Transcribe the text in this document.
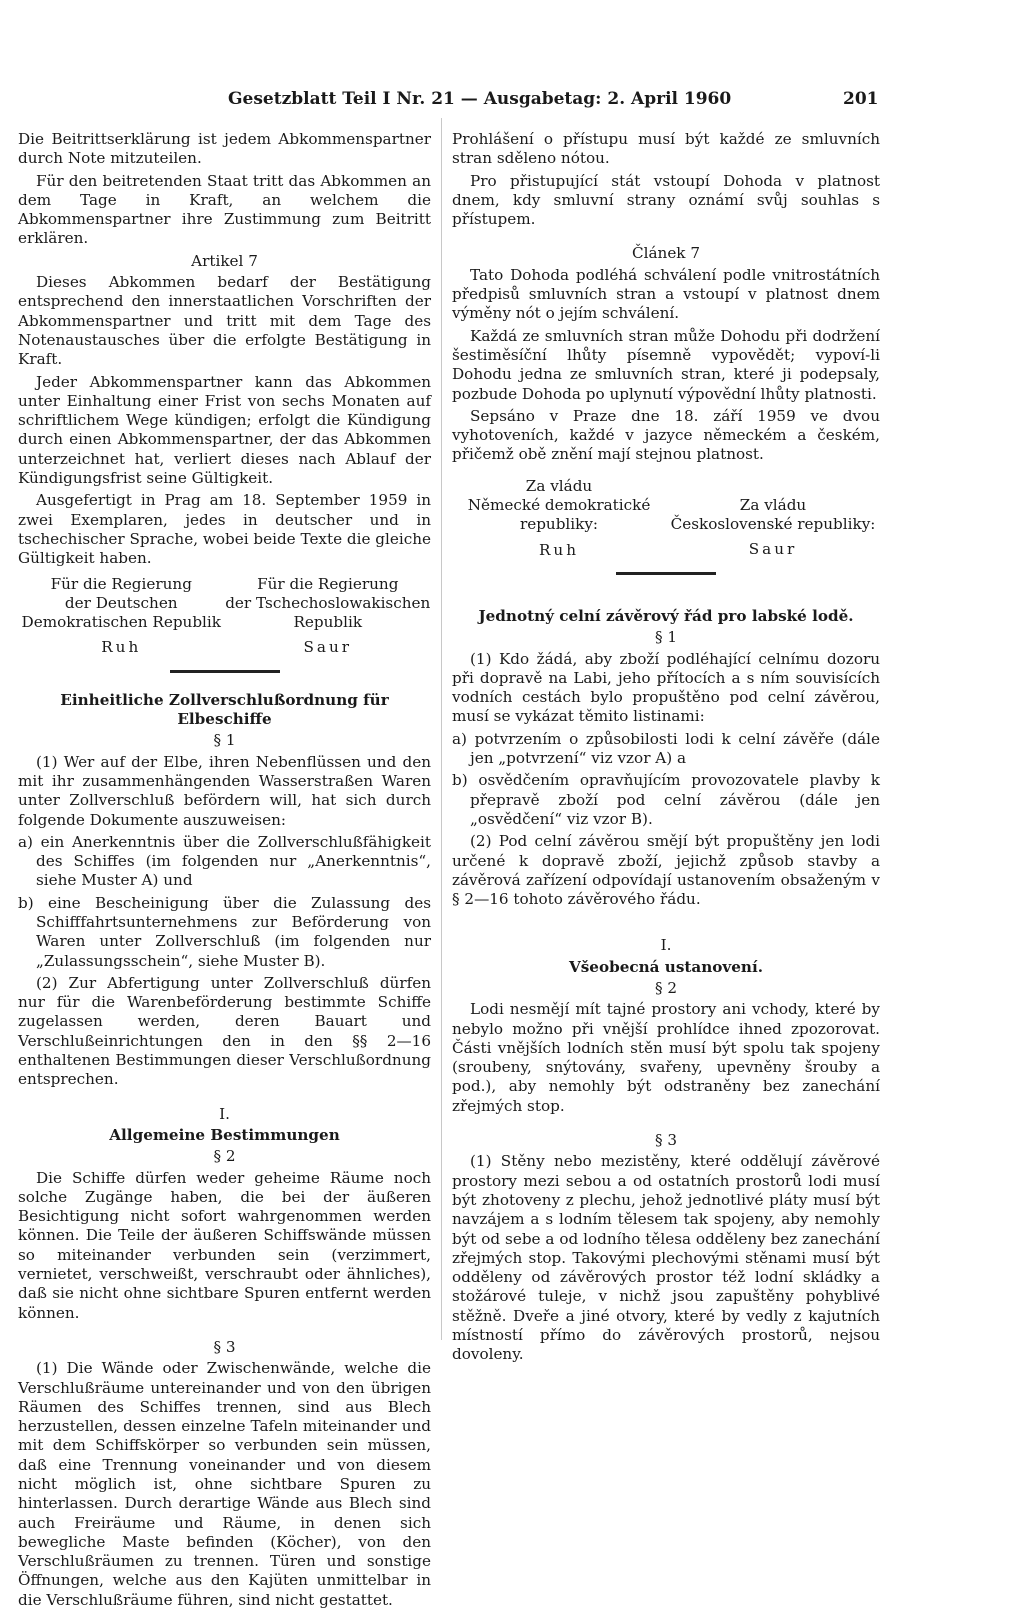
Gesetzblatt Teil I Nr. 21 — Ausgabetag: 2. April 1960	201

Die Beitrittserklärung ist jedem Abkommenspartner durch Note mitzuteilen.

Für den beitretenden Staat tritt das Abkommen an dem Tage in Kraft, an welchem die Abkommenspartner ihre Zustimmung zum Beitritt erklären.

Artikel 7

Dieses Abkommen bedarf der Bestätigung entsprechend den innerstaatlichen Vorschriften der Abkommenspartner und tritt mit dem Tage des Notenaustausches über die erfolgte Bestätigung in Kraft.

Jeder Abkommenspartner kann das Abkommen unter Einhaltung einer Frist von sechs Monaten auf schriftlichem Wege kündigen; erfolgt die Kündigung durch einen Abkommenspartner, der das Abkommen unterzeichnet hat, verliert dieses nach Ablauf der Kündigungsfrist seine Gültigkeit.

Ausgefertigt in Prag am 18. September 1959 in zwei Exemplaren, jedes in deutscher und in tschechischer Sprache, wobei beide Texte die gleiche Gültigkeit haben.

Für die Regierung
der Deutschen
Demokratischen Republik
Ruh
Für die Regierung
der Tschechoslowakischen
Republik
Saur

Einheitliche Zollverschlußordnung für Elbeschiffe

§ 1

(1) Wer auf der Elbe, ihren Nebenflüssen und den mit ihr zusammenhängenden Wasserstraßen Waren unter Zollverschluß befördern will, hat sich durch folgende Dokumente auszuweisen:

a) ein Anerkenntnis über die Zollverschlußfähigkeit des Schiffes (im folgenden nur „Anerkenntnis“, siehe Muster A) und

b) eine Bescheinigung über die Zulassung des Schifffahrtsunternehmens zur Beförderung von Waren unter Zollverschluß (im folgenden nur „Zulassungsschein“, siehe Muster B).

(2) Zur Abfertigung unter Zollverschluß dürfen nur für die Warenbeförderung bestimmte Schiffe zugelassen werden, deren Bauart und Verschlußeinrichtungen den in den §§ 2—16 enthaltenen Bestimmungen dieser Verschlußordnung entsprechen.

I.

Allgemeine Bestimmungen

§ 2

Die Schiffe dürfen weder geheime Räume noch solche Zugänge haben, die bei der äußeren Besichtigung nicht sofort wahrgenommen werden können. Die Teile der äußeren Schiffswände müssen so miteinander verbunden sein (verzimmert, vernietet, verschweißt, verschraubt oder ähnliches), daß sie nicht ohne sichtbare Spuren entfernt werden können.

§ 3

(1) Die Wände oder Zwischenwände, welche die Verschlußräume untereinander und von den übrigen Räumen des Schiffes trennen, sind aus Blech herzustellen, dessen einzelne Tafeln miteinander und mit dem Schiffskörper so verbunden sein müssen, daß eine Trennung voneinander und von diesem nicht möglich ist, ohne sichtbare Spuren zu hinterlassen. Durch derartige Wände aus Blech sind auch Freiräume und Räume, in denen sich bewegliche Maste befinden (Köcher), von den Verschlußräumen zu trennen. Türen und sonstige Öffnungen, welche aus den Kajüten unmittelbar in die Verschlußräume führen, sind nicht gestattet.

Prohlášení o přístupu musí být každé ze smluvních stran sděleno nótou.

Pro přistupující stát vstoupí Dohoda v platnost dnem, kdy smluvní strany oznámí svůj souhlas s přístupem.

Článek 7

Tato Dohoda podléhá schválení podle vnitrostátních předpisů smluvních stran a vstoupí v platnost dnem výměny nót o jejím schválení.

Každá ze smluvních stran může Dohodu při dodržení šestiměsíční lhůty písemně vypovědět; vypoví-li Dohodu jedna ze smluvních stran, které ji podepsaly, pozbude Dohoda po uplynutí výpovědní lhůty platnosti.

Sepsáno v Praze dne 18. září 1959 ve dvou vyhotoveních, každé v jazyce německém a českém, přičemž obě znění mají stejnou platnost.

Za vládu
Německé demokratické
republiky:
Ruh
Za vládu
Československé republiky:
Saur

Jednotný celní závěrový řád pro labské lodě.

§ 1

(1) Kdo žádá, aby zboží podléhající celnímu dozoru při dopravě na Labi, jeho přítocích a s ním souvisících vodních cestách bylo propuštěno pod celní závěrou, musí se vykázat těmito listinami:

a) potvrzením o způsobilosti lodi k celní závěře (dále jen „potvrzení“ viz vzor A) a

b) osvědčením opravňujícím provozovatele plavby k přepravě zboží pod celní závěrou (dále jen „osvědčení“ viz vzor B).

(2) Pod celní závěrou smějí být propuštěny jen lodi určené k dopravě zboží, jejichž způsob stavby a závěrová zařízení odpovídají ustanovením obsaženým v § 2—16 tohoto závěrového řádu.

I.

Všeobecná ustanovení.

§ 2

Lodi nesmějí mít tajné prostory ani vchody, které by nebylo možno při vnější prohlídce ihned zpozorovat. Části vnějších lodních stěn musí být spolu tak spojeny (sroubeny, snýtovány, svařeny, upevněny šrouby a pod.), aby nemohly být odstraněny bez zanechání zřejmých stop.

§ 3

(1) Stěny nebo mezistěny, které oddělují závěrové prostory mezi sebou a od ostatních prostorů lodi musí být zhotoveny z plechu, jehož jednotlivé pláty musí být navzájem a s lodním tělesem tak spojeny, aby nemohly být od sebe a od lodního tělesa odděleny bez zanechání zřejmých stop. Takovými plechovými stěnami musí být odděleny od závěrových prostor též lodní skládky a stožárové tuleje, v nichž jsou zapuštěny pohyblivé stěžně. Dveře a jiné otvory, které by vedly z kajutních místností přímo do závěrových prostorů, nejsou dovoleny.
